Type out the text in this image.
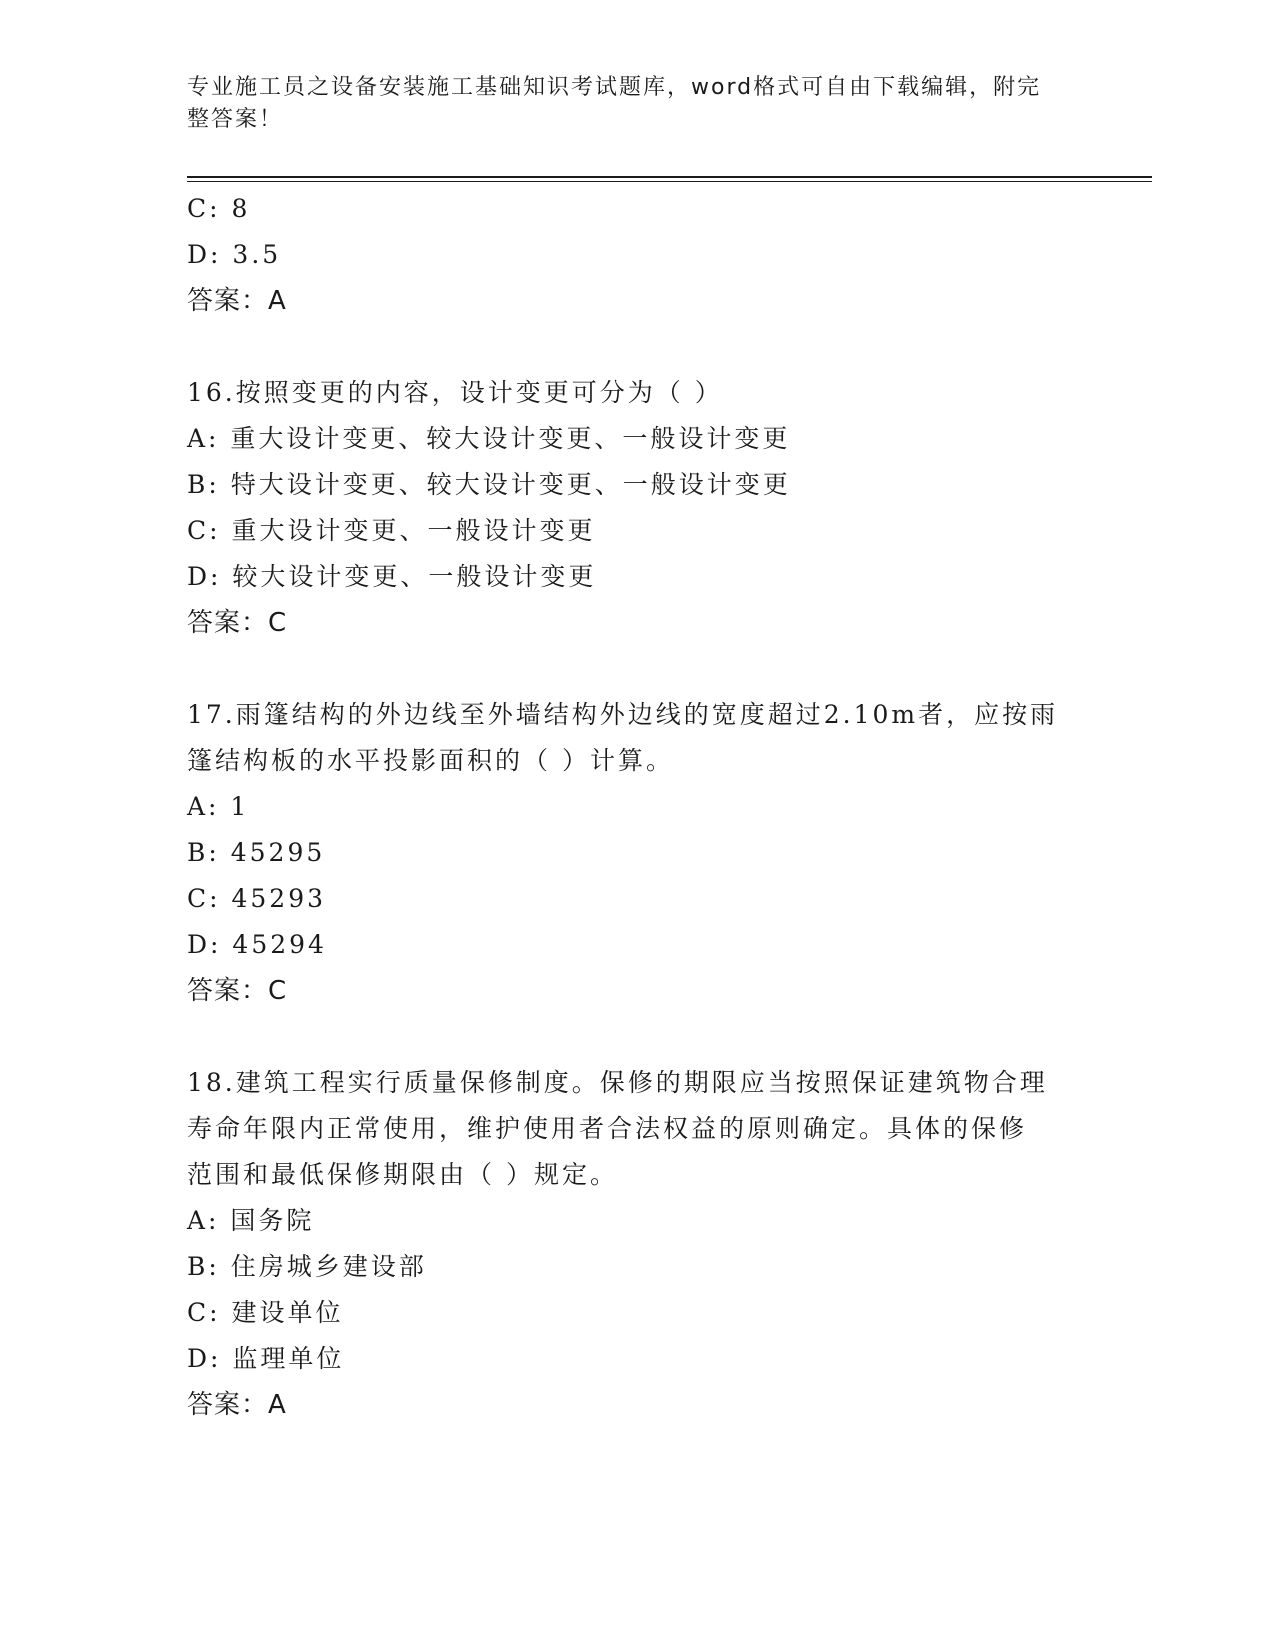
专业施工员之设备安装施工基础知识考试题库，word格式可自由下载编辑，附完
整答案！
C: 8
D: 3.5
答案：A
16.按照变更的内容，设计变更可分为（ ）
A: 重大设计变更、较大设计变更、一般设计变更
B: 特大设计变更、较大设计变更、一般设计变更
C: 重大设计变更、一般设计变更
D: 较大设计变更、一般设计变更
答案：C
17.雨篷结构的外边线至外墙结构外边线的宽度超过2.10m者，应按雨
篷结构板的水平投影面积的（ ）计算。
A: 1
B: 45295
C: 45293
D: 45294
答案：C
18.建筑工程实行质量保修制度。保修的期限应当按照保证建筑物合理
寿命年限内正常使用，维护使用者合法权益的原则确定。具体的保修
范围和最低保修期限由（ ）规定。
A: 国务院
B: 住房城乡建设部
C: 建设单位
D: 监理单位
答案：A
